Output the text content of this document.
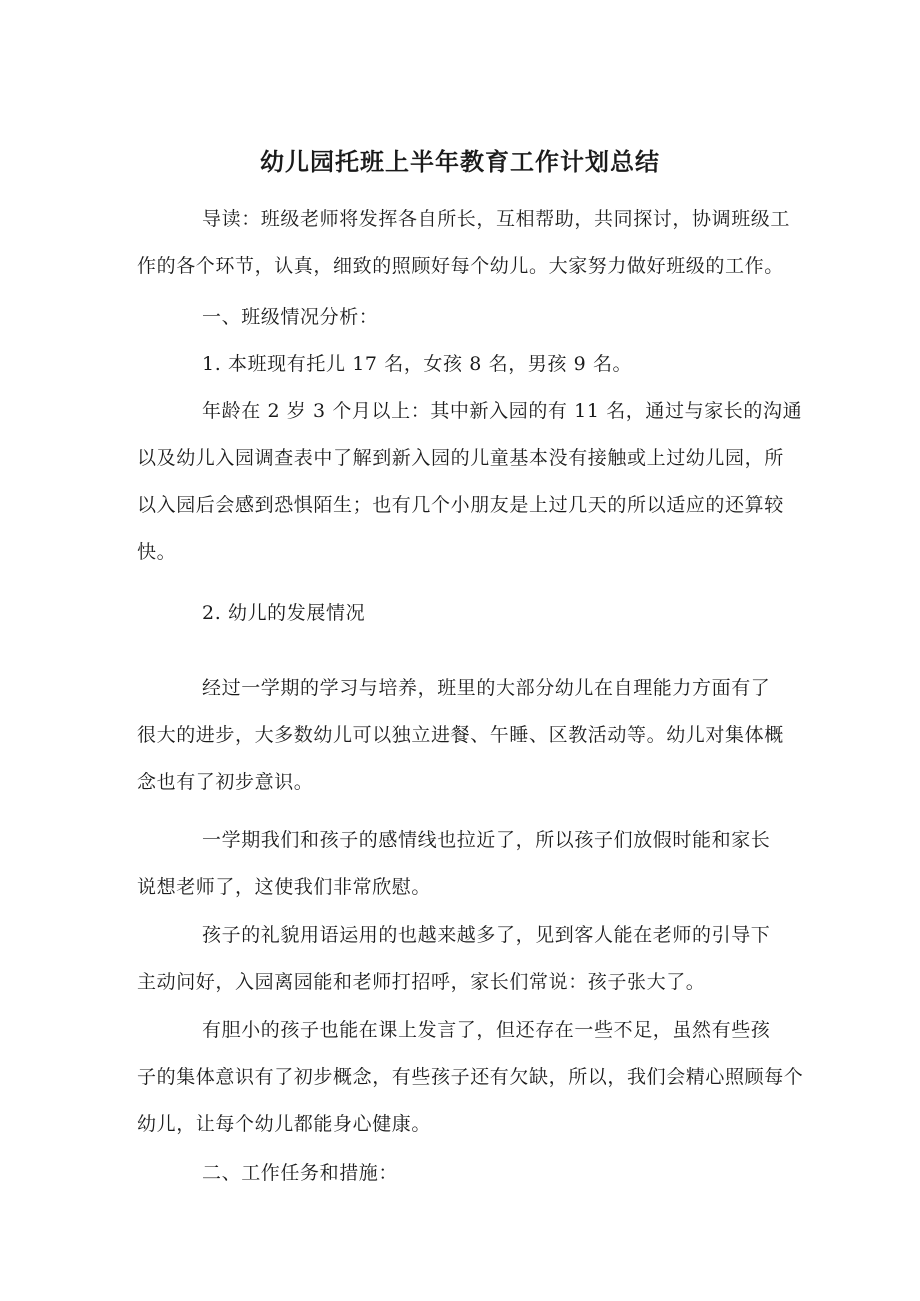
幼儿园托班上半年教育工作计划总结
导读：班级老师将发挥各自所长，互相帮助，共同探讨，协调班级工
作的各个环节，认真，细致的照顾好每个幼儿。大家努力做好班级的工作。
一、班级情况分析：
1. 本班现有托儿 17 名，女孩 8 名，男孩 9 名。
年龄在 2 岁 3 个月以上：其中新入园的有 11 名，通过与家长的沟通
以及幼儿入园调查表中了解到新入园的儿童基本没有接触或上过幼儿园，所
以入园后会感到恐惧陌生；也有几个小朋友是上过几天的所以适应的还算较
快。
2. 幼儿的发展情况
经过一学期的学习与培养，班里的大部分幼儿在自理能力方面有了
很大的进步，大多数幼儿可以独立进餐、午睡、区教活动等。幼儿对集体概
念也有了初步意识。
一学期我们和孩子的感情线也拉近了，所以孩子们放假时能和家长
说想老师了，这使我们非常欣慰。
孩子的礼貌用语运用的也越来越多了，见到客人能在老师的引导下
主动问好，入园离园能和老师打招呼，家长们常说：孩子张大了。
有胆小的孩子也能在课上发言了，但还存在一些不足，虽然有些孩
子的集体意识有了初步概念，有些孩子还有欠缺，所以，我们会精心照顾每个
幼儿，让每个幼儿都能身心健康。
二、工作任务和措施：
